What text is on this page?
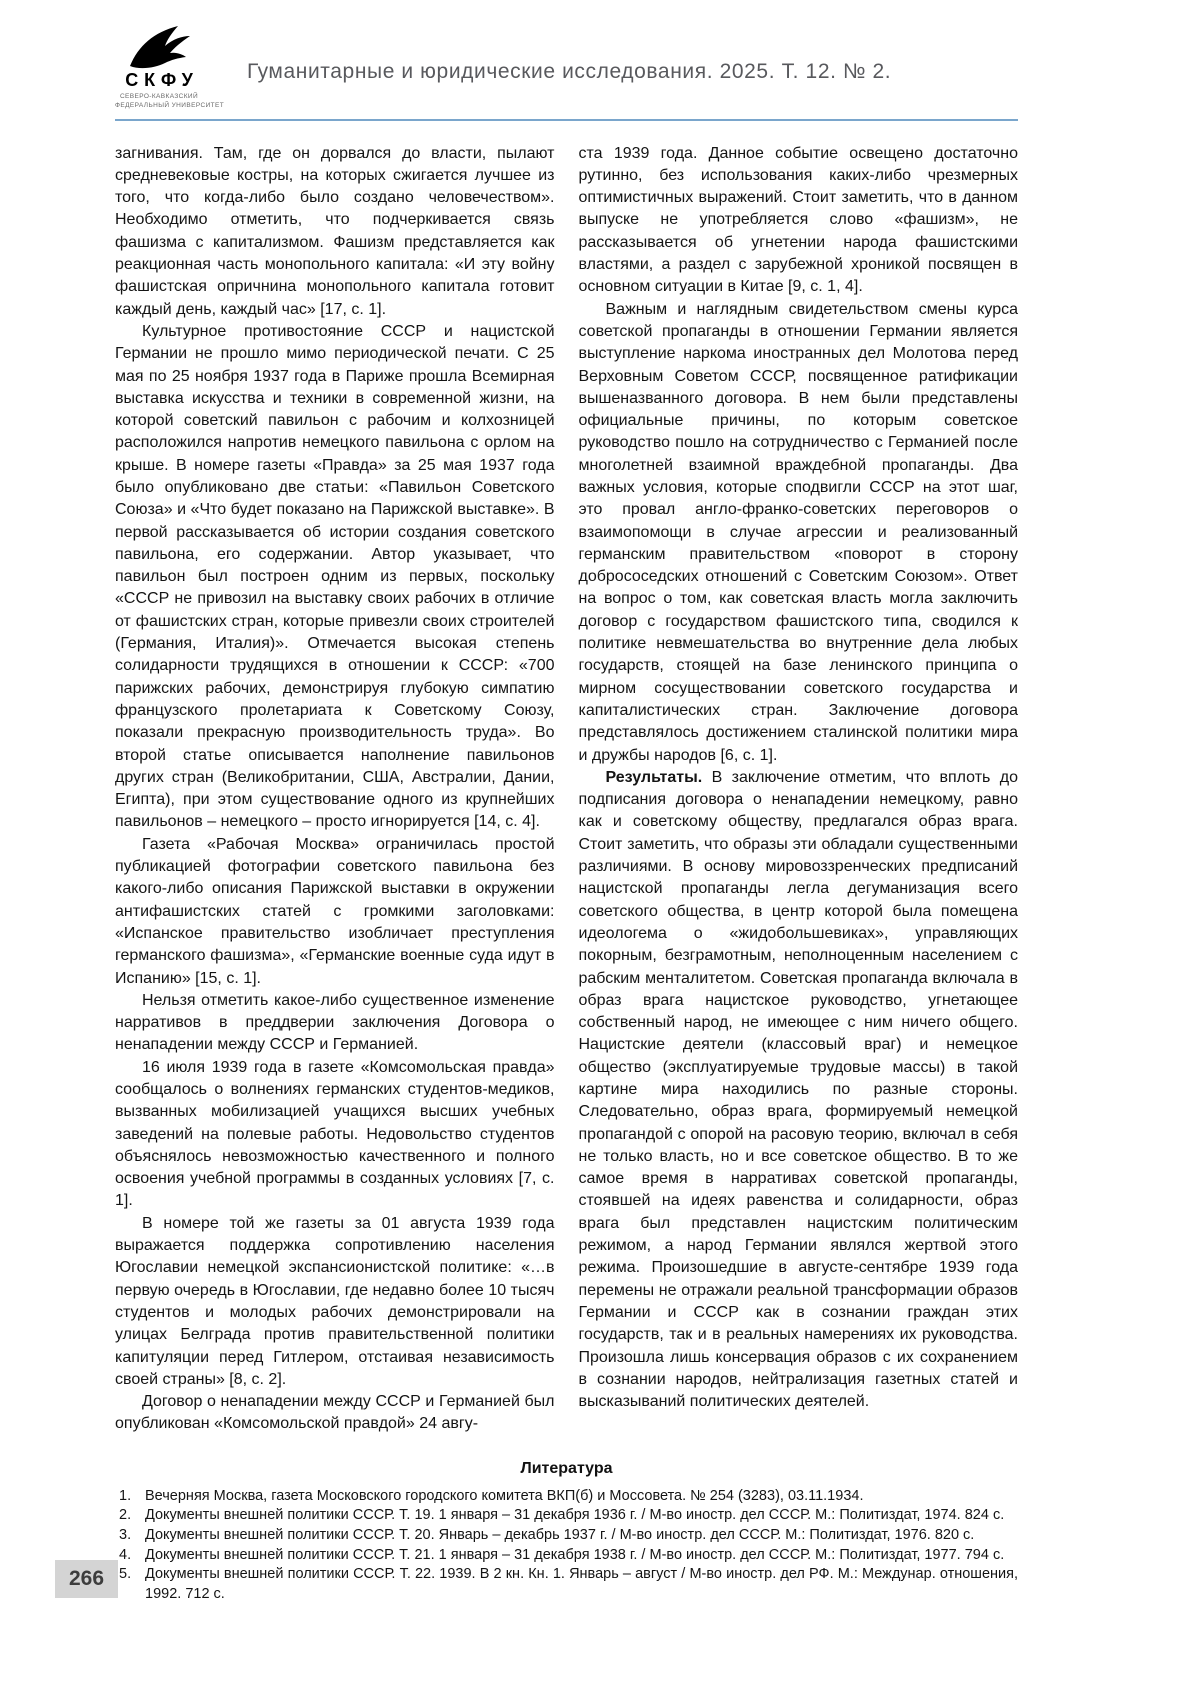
СКФУ
СЕВЕРО-КАВКАЗСКИЙ
ФЕДЕРАЛЬНЫЙ УНИВЕРСИТЕТ
Гуманитарные и юридические исследования. 2025. Т. 12. № 2.

загнивания. Там, где он дорвался до власти, пылают средневековые костры, на которых сжигается лучшее из того, что когда-либо было создано человечеством». Необходимо отметить, что подчеркивается связь фашизма с капитализмом. Фашизм представляется как реакционная часть монопольного капитала: «И эту войну фашистская опричнина монопольного капитала готовит каждый день, каждый час» [17, с. 1].

Культурное противостояние СССР и нацистской Германии не прошло мимо периодической печати. С 25 мая по 25 ноября 1937 года в Париже прошла Всемирная выставка искусства и техники в современной жизни, на которой советский павильон с рабочим и колхозницей расположился напротив немецкого павильона с орлом на крыше. В номере газеты «Правда» за 25 мая 1937 года было опубликовано две статьи: «Павильон Советского Союза» и «Что будет показано на Парижской выставке». В первой рассказывается об истории создания советского павильона, его содержании. Автор указывает, что павильон был построен одним из первых, поскольку «СССР не привозил на выставку своих рабочих в отличие от фашистских стран, которые привезли своих строителей (Германия, Италия)». Отмечается высокая степень солидарности трудящихся в отношении к СССР: «700 парижских рабочих, демонстрируя глубокую симпатию французского пролетариата к Советскому Союзу, показали прекрасную производительность труда». Во второй статье описывается наполнение павильонов других стран (Великобритании, США, Австралии, Дании, Египта), при этом существование одного из крупнейших павильонов – немецкого – просто игнорируется [14, с. 4].

Газета «Рабочая Москва» ограничилась простой публикацией фотографии советского павильона без какого-либо описания Парижской выставки в окружении антифашистских статей с громкими заголовками: «Испанское правительство изобличает преступления германского фашизма», «Германские военные суда идут в Испанию» [15, с. 1].

Нельзя отметить какое-либо существенное изменение нарративов в преддверии заключения Договора о ненападении между СССР и Германией.

16 июля 1939 года в газете «Комсомольская правда» сообщалось о волнениях германских студентов-медиков, вызванных мобилизацией учащихся высших учебных заведений на полевые работы. Недовольство студентов объяснялось невозможностью качественного и полного освоения учебной программы в созданных условиях [7, с. 1].

В номере той же газеты за 01 августа 1939 года выражается поддержка сопротивлению населения Югославии немецкой экспансионистской политике: «…в первую очередь в Югославии, где недавно более 10 тысяч студентов и молодых рабочих демонстрировали на улицах Белграда против правительственной политики капитуляции перед Гитлером, отстаивая независимость своей страны» [8, с. 2].

Договор о ненападении между СССР и Германией был опубликован «Комсомольской правдой» 24 авгу-

ста 1939 года. Данное событие освещено достаточно рутинно, без использования каких-либо чрезмерных оптимистичных выражений. Стоит заметить, что в данном выпуске не употребляется слово «фашизм», не рассказывается об угнетении народа фашистскими властями, а раздел с зарубежной хроникой посвящен в основном ситуации в Китае [9, с. 1, 4].

Важным и наглядным свидетельством смены курса советской пропаганды в отношении Германии является выступление наркома иностранных дел Молотова перед Верховным Советом СССР, посвященное ратификации вышеназванного договора. В нем были представлены официальные причины, по которым советское руководство пошло на сотрудничество с Германией после многолетней взаимной враждебной пропаганды. Два важных условия, которые сподвигли СССР на этот шаг, это провал англо-франко-советских переговоров о взаимопомощи в случае агрессии и реализованный германским правительством «поворот в сторону добрососедских отношений с Советским Союзом». Ответ на вопрос о том, как советская власть могла заключить договор с государством фашистского типа, сводился к политике невмешательства во внутренние дела любых государств, стоящей на базе ленинского принципа о мирном сосуществовании советского государства и капиталистических стран. Заключение договора представлялось достижением сталинской политики мира и дружбы народов [6, с. 1].

Результаты. В заключение отметим, что вплоть до подписания договора о ненападении немецкому, равно как и советскому обществу, предлагался образ врага. Стоит заметить, что образы эти обладали существенными различиями. В основу мировоззренческих предписаний нацистской пропаганды легла дегуманизация всего советского общества, в центр которой была помещена идеологема о «жидобольшевиках», управляющих покорным, безграмотным, неполноценным населением с рабским менталитетом. Советская пропаганда включала в образ врага нацистское руководство, угнетающее собственный народ, не имеющее с ним ничего общего. Нацистские деятели (классовый враг) и немецкое общество (эксплуатируемые трудовые массы) в такой картине мира находились по разные стороны. Следовательно, образ врага, формируемый немецкой пропагандой с опорой на расовую теорию, включал в себя не только власть, но и все советское общество. В то же самое время в нарративах советской пропаганды, стоявшей на идеях равенства и солидарности, образ врага был представлен нацистским политическим режимом, а народ Германии являлся жертвой этого режима. Произошедшие в августе-сентябре 1939 года перемены не отражали реальной трансформации образов Германии и СССР как в сознании граждан этих государств, так и в реальных намерениях их руководства. Произошла лишь консервация образов с их сохранением в сознании народов, нейтрализация газетных статей и высказываний политических деятелей.

Литература
1. Вечерняя Москва, газета Московского городского комитета ВКП(б) и Моссовета. № 254 (3283), 03.11.1934.
2. Документы внешней политики СССР. Т. 19. 1 января – 31 декабря 1936 г. / М-во иностр. дел СССР. М.: Политиздат, 1974. 824 с.
3. Документы внешней политики СССР. Т. 20. Январь – декабрь 1937 г. / М-во иностр. дел СССР. М.: Политиздат, 1976. 820 с.
4. Документы внешней политики СССР. Т. 21. 1 января – 31 декабря 1938 г. / М-во иностр. дел СССР. М.: Политиздат, 1977. 794 с.
5. Документы внешней политики СССР. Т. 22. 1939. В 2 кн. Кн. 1. Январь – август / М-во иностр. дел РФ. М.: Междунар. отношения, 1992. 712 с.
266
